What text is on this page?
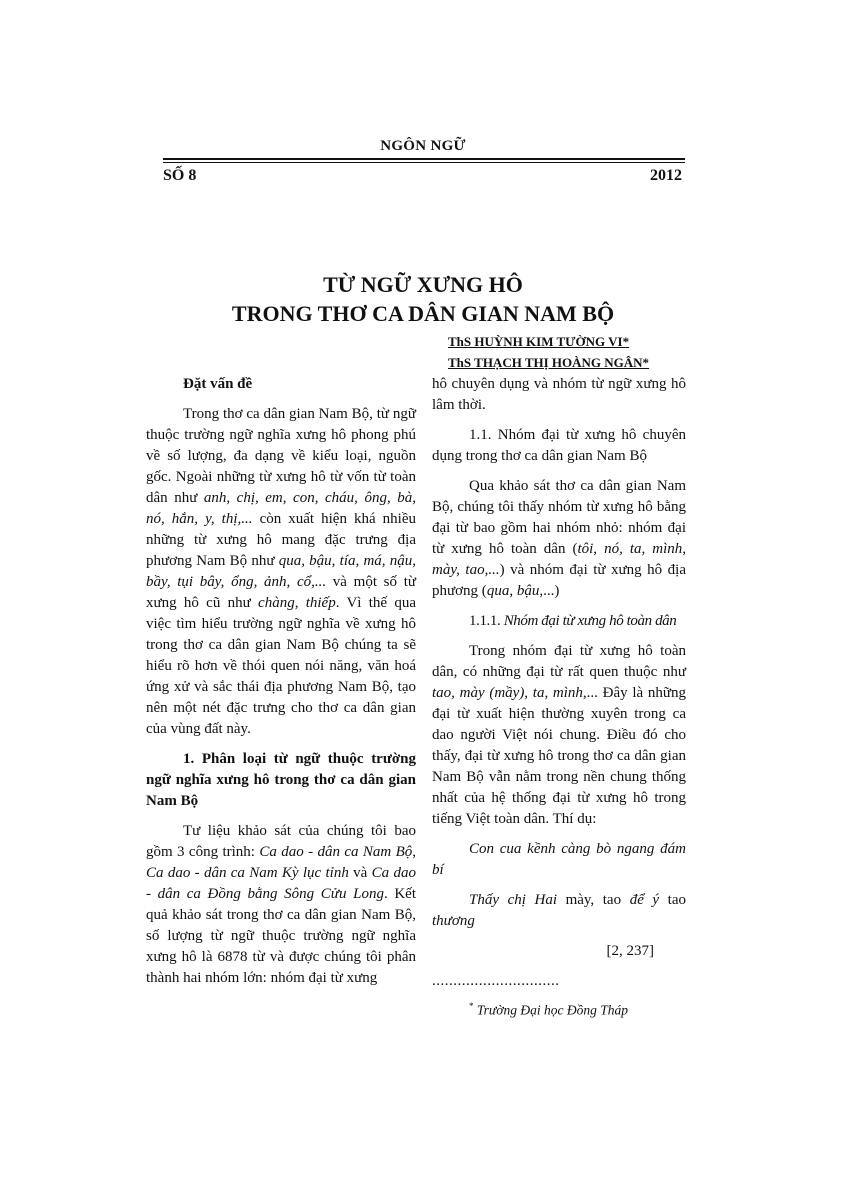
NGÔN NGỮ
SỐ 8	2012
TỪ NGỮ XƯNG HÔ
TRONG THƠ CA DÂN GIAN NAM BỘ
ThS HUỲNH KIM TƯỜNG VI*
ThS THẠCH THỊ HOÀNG NGÂN*
Đặt vấn đề

Trong thơ ca dân gian Nam Bộ, từ ngữ thuộc trường ngữ nghĩa xưng hô phong phú về số lượng, đa dạng về kiểu loại, nguồn gốc. Ngoài những từ xưng hô từ vốn từ toàn dân như anh, chị, em, con, cháu, ông, bà, nó, hắn, y, thị,... còn xuất hiện khá nhiều những từ xưng hô mang đặc trưng địa phương Nam Bộ như qua, bậu, tía, má, nậu, bầy, tụi bây, ổng, ảnh, cổ,... và một số từ xưng hô cũ như chàng, thiếp. Vì thế qua việc tìm hiểu trường ngữ nghĩa về xưng hô trong thơ ca dân gian Nam Bộ chúng ta sẽ hiểu rõ hơn về thói quen nói năng, văn hoá ứng xử và sắc thái địa phương Nam Bộ, tạo nên một nét đặc trưng cho thơ ca dân gian của vùng đất này.

1. Phân loại từ ngữ thuộc trường ngữ nghĩa xưng hô trong thơ ca dân gian Nam Bộ

Tư liệu khảo sát của chúng tôi bao gồm 3 công trình: Ca dao - dân ca Nam Bộ, Ca dao - dân ca Nam Kỳ lục tỉnh và Ca dao - dân ca Đồng bằng Sông Cửu Long. Kết quả khảo sát trong thơ ca dân gian Nam Bộ, số lượng từ ngữ thuộc trường ngữ nghĩa xưng hô là 6878 từ và được chúng tôi phân thành hai nhóm lớn: nhóm đại từ xưng

hô chuyên dụng và nhóm từ ngữ xưng hô lâm thời.

1.1. Nhóm đại từ xưng hô chuyên dụng trong thơ ca dân gian Nam Bộ

Qua khảo sát thơ ca dân gian Nam Bộ, chúng tôi thấy nhóm từ xưng hô bằng đại từ bao gồm hai nhóm nhỏ: nhóm đại từ xưng hô toàn dân (tôi, nó, ta, mình, mày, tao,...) và nhóm đại từ xưng hô địa phương (qua, bậu,...)

1.1.1. Nhóm đại từ xưng hô toàn dân

Trong nhóm đại từ xưng hô toàn dân, có những đại từ rất quen thuộc như tao, mày (mầy), ta, mình,... Đây là những đại từ xuất hiện thường xuyên trong ca dao người Việt nói chung. Điều đó cho thấy, đại từ xưng hô trong thơ ca dân gian Nam Bộ vẫn nằm trong nền chung thống nhất của hệ thống đại từ xưng hô trong tiếng Việt toàn dân. Thí dụ:

Con cua kềnh càng bò ngang đám bí

Thấy chị Hai mày, tao để ý tao thương

[2, 237]

..............................

* Trường Đại học Đồng Tháp
